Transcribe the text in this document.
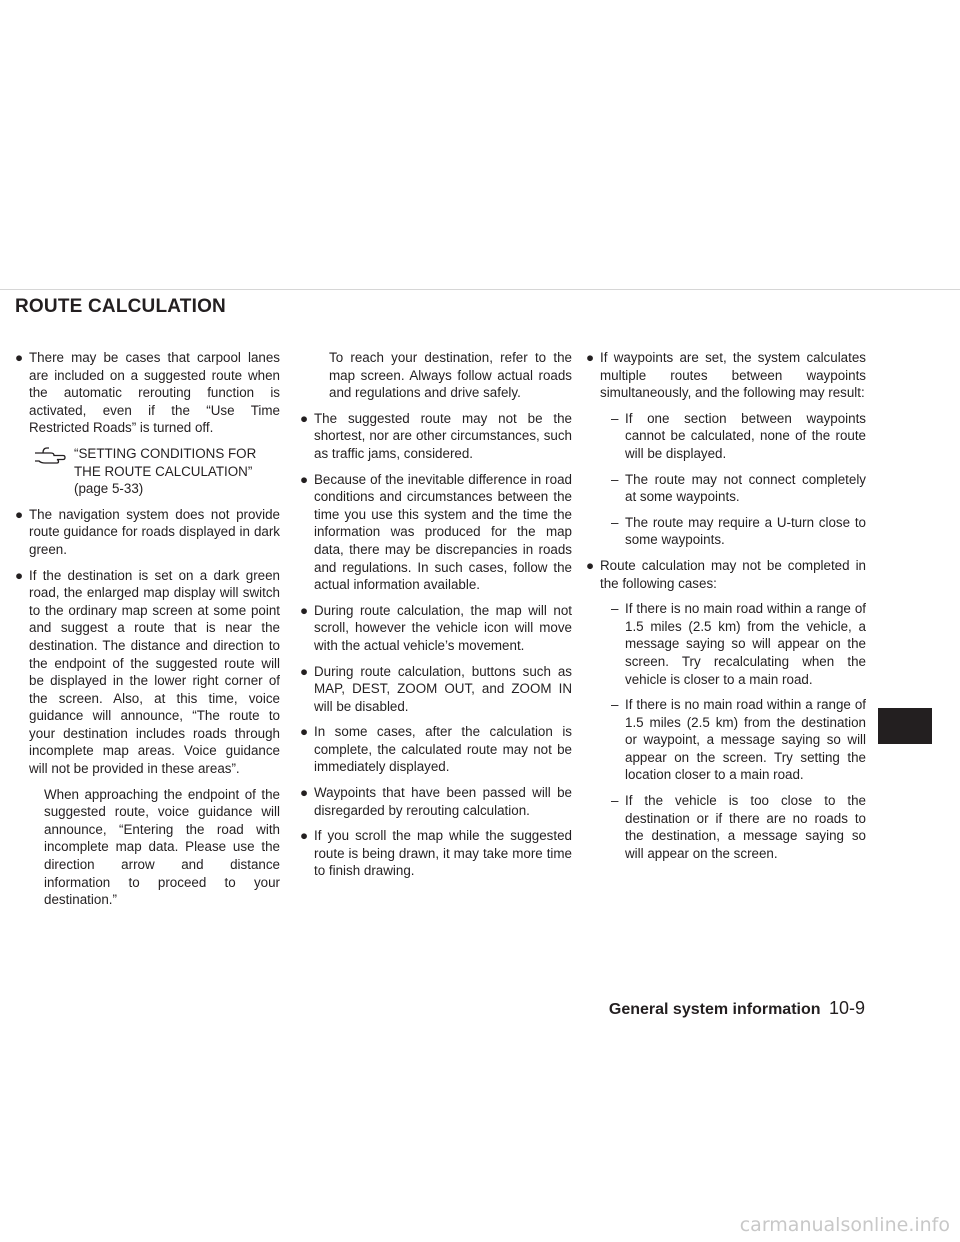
ROUTE CALCULATION
● There may be cases that carpool lanes are included on a suggested route when the automatic rerouting function is activated, even if the “Use Time Restricted Roads” is turned off.
“SETTING CONDITIONS FOR
THE ROUTE CALCULATION”
(page 5-33)
● The navigation system does not provide route guidance for roads displayed in dark green.
● If the destination is set on a dark green road, the enlarged map display will switch to the ordinary map screen at some point and suggest a route that is near the destination. The distance and direction to the endpoint of the suggested route will be displayed in the lower right corner of the screen. Also, at this time, voice guidance will announce, “The route to your destination includes roads through incomplete map areas. Voice guidance will not be provided in these areas”.
When approaching the endpoint of the suggested route, voice guidance will announce, “Entering the road with incomplete map data. Please use the direction arrow and distance information to proceed to your destination.”
To reach your destination, refer to the map screen. Always follow actual roads and regulations and drive safely.
● The suggested route may not be the shortest, nor are other circumstances, such as traffic jams, considered.
● Because of the inevitable difference in road conditions and circumstances between the time you use this system and the time the information was produced for the map data, there may be discrepancies in roads and regulations. In such cases, follow the actual information available.
● During route calculation, the map will not scroll, however the vehicle icon will move with the actual vehicle’s movement.
● During route calculation, buttons such as MAP, DEST, ZOOM OUT, and ZOOM IN will be disabled.
● In some cases, after the calculation is complete, the calculated route may not be immediately displayed.
● Waypoints that have been passed will be disregarded by rerouting calculation.
● If you scroll the map while the suggested route is being drawn, it may take more time to finish drawing.
● If waypoints are set, the system calculates multiple routes between waypoints simultaneously, and the following may result:
– If one section between waypoints cannot be calculated, none of the route will be displayed.
– The route may not connect completely at some waypoints.
– The route may require a U-turn close to some waypoints.
● Route calculation may not be completed in the following cases:
– If there is no main road within a range of 1.5 miles (2.5 km) from the vehicle, a message saying so will appear on the screen. Try recalculating when the vehicle is closer to a main road.
– If there is no main road within a range of 1.5 miles (2.5 km) from the destination or waypoint, a message saying so will appear on the screen. Try setting the location closer to a main road.
– If the vehicle is too close to the destination or if there are no roads to the destination, a message saying so will appear on the screen.
General system information 10-9
carmanualsonline.info
